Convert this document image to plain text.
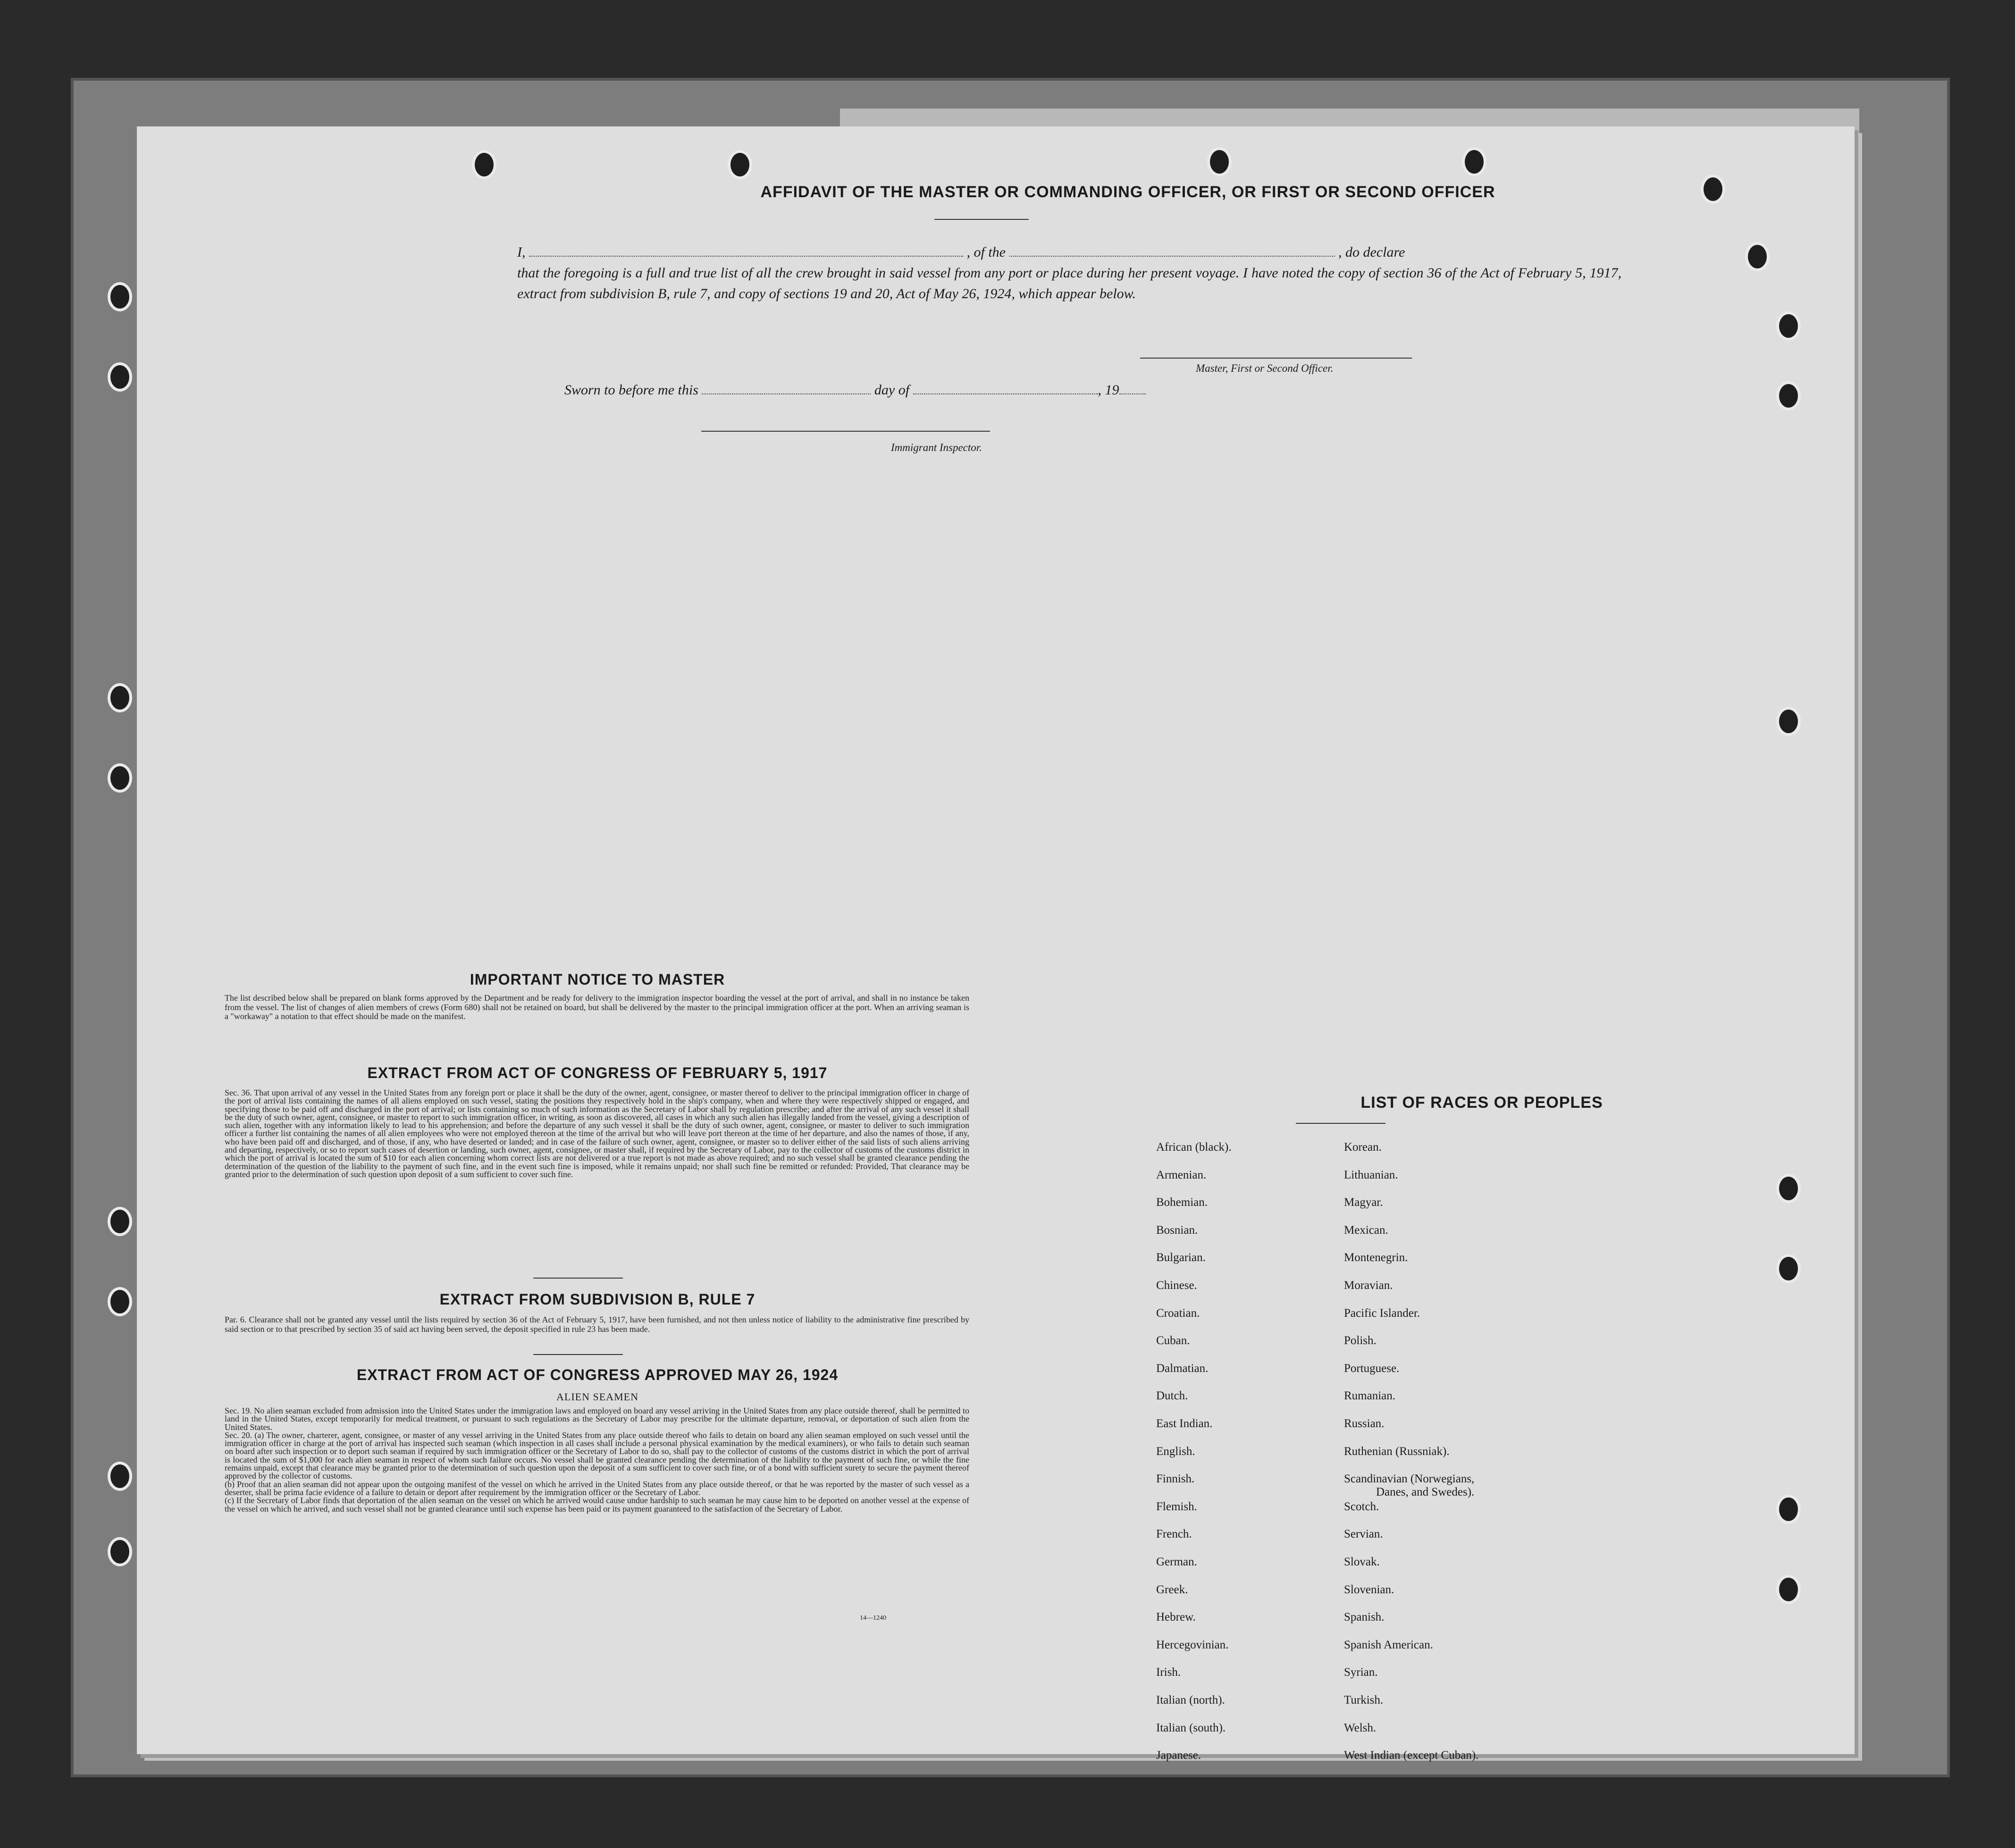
AFFIDAVIT OF THE MASTER OR COMMANDING OFFICER, OR FIRST OR SECOND OFFICER
I,	, of the	, do declare
that the foregoing is a full and true list of all the crew brought in said vessel from any port or place during her present voyage. I have noted the copy of section 36 of the Act of February 5, 1917, extract from subdivision B, rule 7, and copy of sections 19 and 20, Act of May 26, 1924, which appear below.
Master, First or Second Officer.
Sworn to before me this	day of	, 19
Immigrant Inspector.
IMPORTANT NOTICE TO MASTER
The list described below shall be prepared on blank forms approved by the Department and be ready for delivery to the immigration inspector boarding the vessel at the port of arrival, and shall in no instance be taken from the vessel. The list of changes of alien members of crews (Form 680) shall not be retained on board, but shall be delivered by the master to the principal immigration officer at the port. When an arriving seaman is a "workaway" a notation to that effect should be made on the manifest.
EXTRACT FROM ACT OF CONGRESS OF FEBRUARY 5, 1917
Sec. 36. That upon arrival of any vessel in the United States from any foreign port or place it shall be the duty of the owner, agent, consignee, or master thereof to deliver to the principal immigration officer in charge of the port of arrival lists containing the names of all aliens employed on such vessel, stating the positions they respectively hold in the ship's company, when and where they were respectively shipped or engaged, and specifying those to be paid off and discharged in the port of arrival; or lists containing so much of such information as the Secretary of Labor shall by regulation prescribe; and after the arrival of any such vessel it shall be the duty of such owner, agent, consignee, or master to report to such immigration officer, in writing, as soon as discovered, all cases in which any such alien has illegally landed from the vessel, giving a description of such alien, together with any information likely to lead to his apprehension; and before the departure of any such vessel it shall be the duty of such owner, agent, consignee, or master to deliver to such immigration officer a further list containing the names of all alien employees who were not employed thereon at the time of the arrival but who will leave port thereon at the time of her departure, and also the names of those, if any, who have been paid off and discharged, and of those, if any, who have deserted or landed; and in case of the failure of such owner, agent, consignee, or master so to deliver either of the said lists of such aliens arriving and departing, respectively, or so to report such cases of desertion or landing, such owner, agent, consignee, or master shall, if required by the Secretary of Labor, pay to the collector of customs of the customs district in which the port of arrival is located the sum of $10 for each alien concerning whom correct lists are not delivered or a true report is not made as above required; and no such vessel shall be granted clearance pending the determination of the question of the liability to the payment of such fine, and in the event such fine is imposed, while it remains unpaid; nor shall such fine be remitted or refunded: Provided, That clearance may be granted prior to the determination of such question upon deposit of a sum sufficient to cover such fine.
EXTRACT FROM SUBDIVISION B, RULE 7
Par. 6. Clearance shall not be granted any vessel until the lists required by section 36 of the Act of February 5, 1917, have been furnished, and not then unless notice of liability to the administrative fine prescribed by said section or to that prescribed by section 35 of said act having been served, the deposit specified in rule 23 has been made.
EXTRACT FROM ACT OF CONGRESS APPROVED MAY 26, 1924
ALIEN SEAMEN
Sec. 19. No alien seaman excluded from admission into the United States under the immigration laws and employed on board any vessel arriving in the United States from any place outside thereof, shall be permitted to land in the United States, except temporarily for medical treatment, or pursuant to such regulations as the Secretary of Labor may prescribe for the ultimate departure, removal, or deportation of such alien from the United States.
Sec. 20. (a) The owner, charterer, agent, consignee, or master of any vessel arriving in the United States from any place outside thereof who fails to detain on board any alien seaman employed on such vessel until the immigration officer in charge at the port of arrival has inspected such seaman (which inspection in all cases shall include a personal physical examination by the medical examiners), or who fails to detain such seaman on board after such inspection or to deport such seaman if required by such immigration officer or the Secretary of Labor to do so, shall pay to the collector of customs of the customs district in which the port of arrival is located the sum of $1,000 for each alien seaman in respect of whom such failure occurs. No vessel shall be granted clearance pending the determination of the liability to the payment of such fine, or while the fine remains unpaid, except that clearance may be granted prior to the determination of such question upon the deposit of a sum sufficient to cover such fine, or of a bond with sufficient surety to secure the payment thereof approved by the collector of customs.
(b) Proof that an alien seaman did not appear upon the outgoing manifest of the vessel on which he arrived in the United States from any place outside thereof, or that he was reported by the master of such vessel as a deserter, shall be prima facie evidence of a failure to detain or deport after requirement by the immigration officer or the Secretary of Labor.
(c) If the Secretary of Labor finds that deportation of the alien seaman on the vessel on which he arrived would cause undue hardship to such seaman he may cause him to be deported on another vessel at the expense of the vessel on which he arrived, and such vessel shall not be granted clearance until such expense has been paid or its payment guaranteed to the satisfaction of the Secretary of Labor.
14—1240
LIST OF RACES OR PEOPLES
African (black).
Armenian.
Bohemian.
Bosnian.
Bulgarian.
Chinese.
Croatian.
Cuban.
Dalmatian.
Dutch.
East Indian.
English.
Finnish.
Flemish.
French.
German.
Greek.
Hebrew.
Hercegovinian.
Irish.
Italian (north).
Italian (south).
Japanese.
Korean.
Lithuanian.
Magyar.
Mexican.
Montenegrin.
Moravian.
Pacific Islander.
Polish.
Portuguese.
Rumanian.
Russian.
Ruthenian (Russniak).
Scandinavian (Norwegians,
Danes, and Swedes).
Scotch.
Servian.
Slovak.
Slovenian.
Spanish.
Spanish American.
Syrian.
Turkish.
Welsh.
West Indian (except Cuban).
